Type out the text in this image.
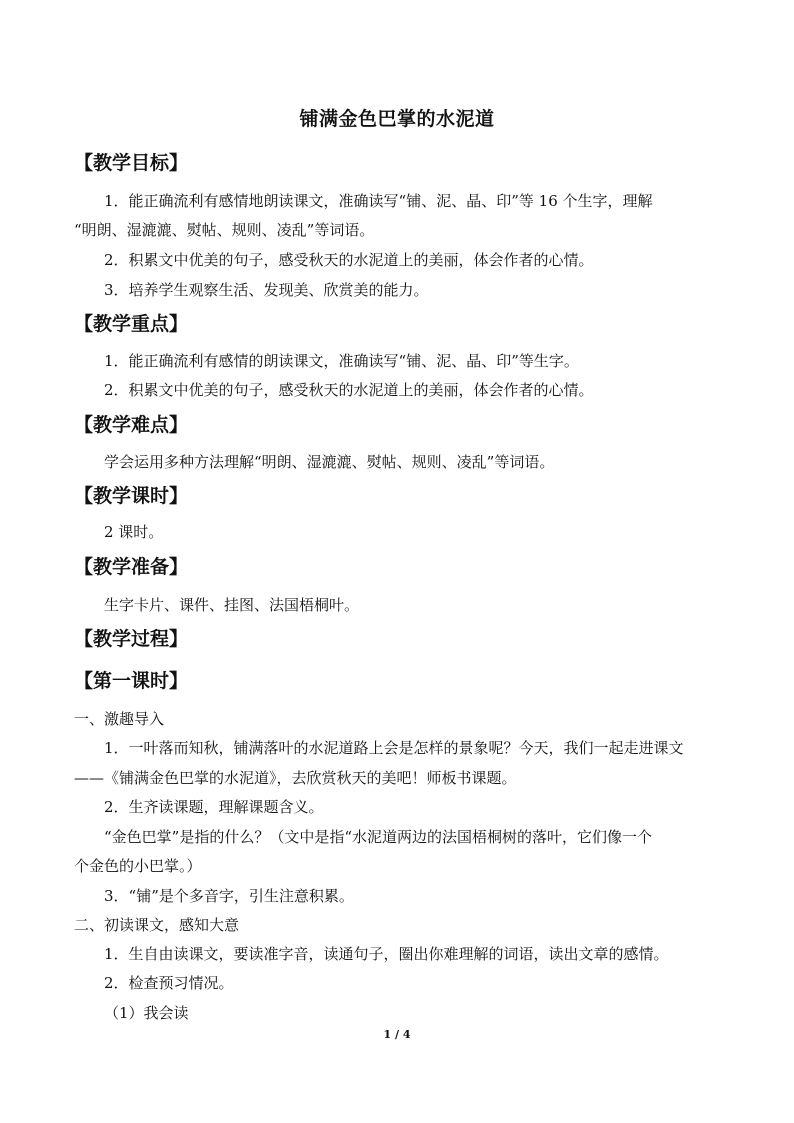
铺满金色巴掌的水泥道
【教学目标】
1．能正确流利有感情地朗读课文，准确读写“铺、泥、晶、印”等 16 个生字，理解
“明朗、湿漉漉、熨帖、规则、凌乱”等词语。
2．积累文中优美的句子，感受秋天的水泥道上的美丽，体会作者的心情。
3．培养学生观察生活、发现美、欣赏美的能力。
【教学重点】
1．能正确流利有感情的朗读课文，准确读写“铺、泥、晶、印”等生字。
2．积累文中优美的句子，感受秋天的水泥道上的美丽，体会作者的心情。
【教学难点】
学会运用多种方法理解“明朗、湿漉漉、熨帖、规则、凌乱”等词语。
【教学课时】
2 课时。
【教学准备】
生字卡片、课件、挂图、法国梧桐叶。
【教学过程】
【第一课时】
一、激趣导入
1．一叶落而知秋，铺满落叶的水泥道路上会是怎样的景象呢？今天，我们一起走进课文
——《铺满金色巴掌的水泥道》，去欣赏秋天的美吧！师板书课题。
2．生齐读课题，理解课题含义。
“金色巴掌”是指的什么？（文中是指“水泥道两边的法国梧桐树的落叶，它们像一个
个金色的小巴掌。）
3．“铺”是个多音字，引生注意积累。
二、初读课文，感知大意
1．生自由读课文，要读准字音，读通句子，圈出你难理解的词语，读出文章的感情。
2．检查预习情况。
（1）我会读
1 / 4
